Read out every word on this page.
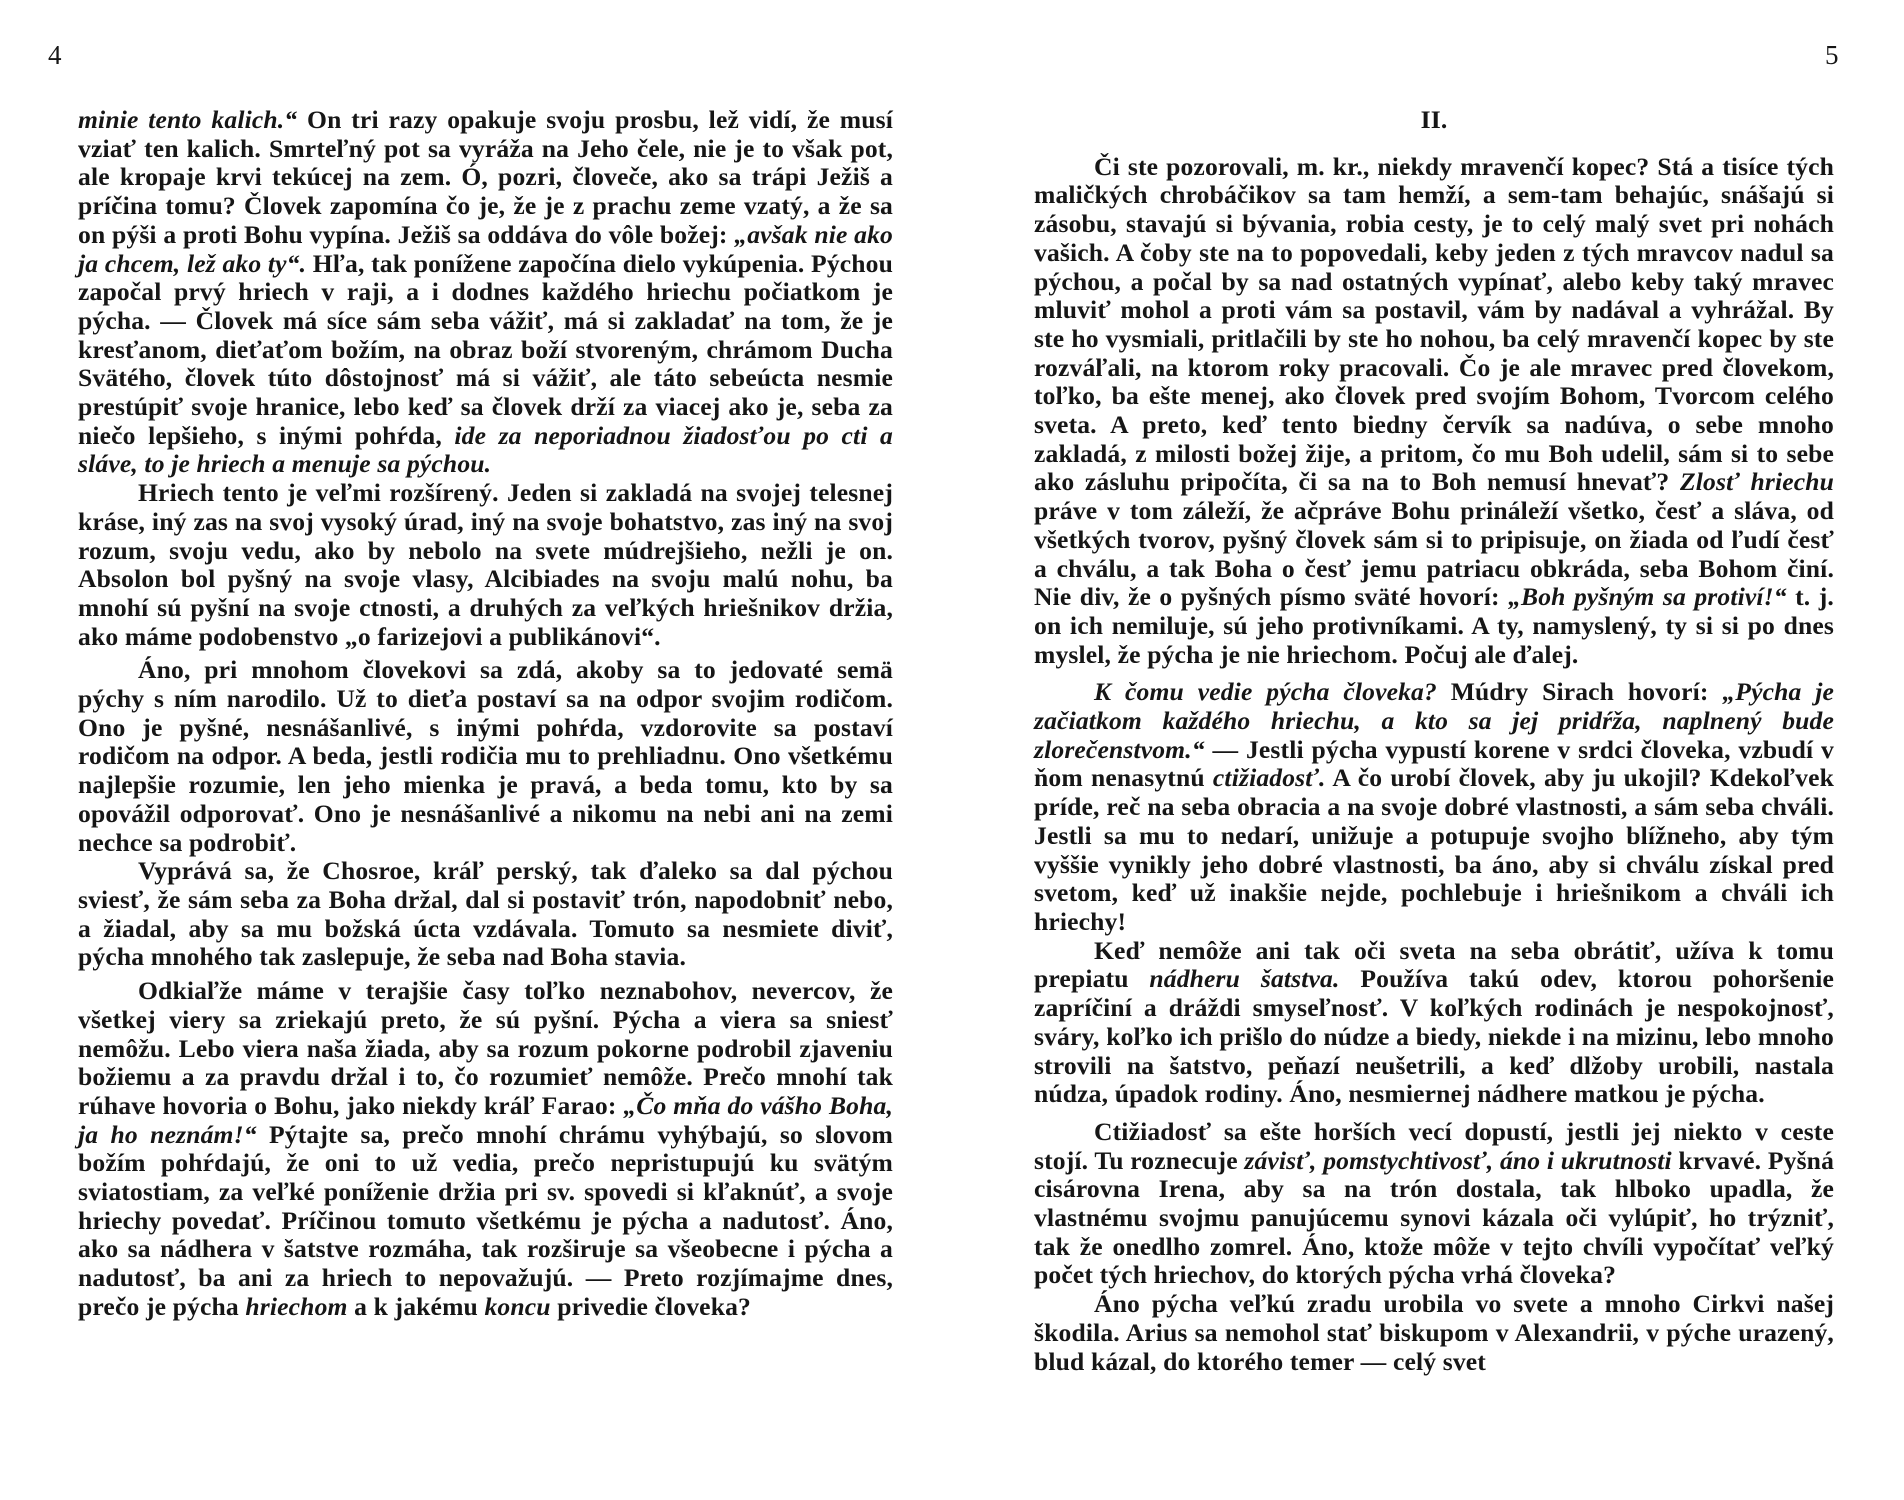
4

minie tento kalich.“ On tri razy opakuje svoju prosbu, lež vidí, že musí vziať ten kalich. Smrteľný pot sa vyráža na Jeho čele, nie je to však pot, ale kropaje krvi tekúcej na zem. Ó, pozri, človeče, ako sa trápi Ježiš a príčina tomu? Človek zapomína čo je, že je z prachu zeme vzatý, a že sa on pýši a proti Bohu vypína. Ježiš sa oddáva do vôle božej: „avšak nie ako ja chcem, lež ako ty“. Hľa, tak ponížene započína dielo vykúpenia. Pýchou započal prvý hriech v raji, a i dodnes každého hriechu počiatkom je pýcha. — Človek má síce sám seba vážiť, má si zakladať na tom, že je kresťanom, dieťaťom božím, na obraz boží stvoreným, chrámom Ducha Svätého, človek túto dôstojnosť má si vážiť, ale táto sebeúcta nesmie prestúpiť svoje hranice, lebo keď sa človek drží za viacej ako je, seba za niečo lepšieho, s inými pohŕda, ide za neporiadnou žiadosťou po cti a sláve, to je hriech a menuje sa pýchou.

Hriech tento je veľmi rozšírený. Jeden si zakladá na svojej telesnej kráse, iný zas na svoj vysoký úrad, iný na svoje bohatstvo, zas iný na svoj rozum, svoju vedu, ako by nebolo na svete múdrejšieho, nežli je on. Absolon bol pyšný na svoje vlasy, Alcibiades na svoju malú nohu, ba mnohí sú pyšní na svoje ctnosti, a druhých za veľkých hriešnikov držia, ako máme podobenstvo „o farizejovi a publikánovi“.

Áno, pri mnohom človekovi sa zdá, akoby sa to jedovaté semä pýchy s ním narodilo. Už to dieťa postaví sa na odpor svojim rodičom. Ono je pyšné, nesnášanlivé, s inými pohŕda, vzdorovite sa postaví rodičom na odpor. A beda, jestli rodičia mu to prehliadnu. Ono všetkému najlepšie rozumie, len jeho mienka je pravá, a beda tomu, kto by sa opovážil odporovať. Ono je nesnášanlivé a nikomu na nebi ani na zemi nechce sa podrobiť.

Vyprává sa, že Chosroe, kráľ perský, tak ďaleko sa dal pýchou sviesť, že sám seba za Boha držal, dal si postaviť trón, napodobniť nebo, a žiadal, aby sa mu božská úcta vzdávala. Tomuto sa nesmiete diviť, pýcha mnohého tak zaslepuje, že seba nad Boha stavia.

Odkiaľže máme v terajšie časy toľko neznabohov, nevercov, že všetkej viery sa zriekajú preto, že sú pyšní. Pýcha a viera sa sniesť nemôžu. Lebo viera naša žiada, aby sa rozum pokorne podrobil zjaveniu božiemu a za pravdu držal i to, čo rozumieť nemôže. Prečo mnohí tak rúhave hovoria o Bohu, jako niekdy kráľ Farao: „Čo mňa do vášho Boha, ja ho neznám!“ Pýtajte sa, prečo mnohí chrámu vyhýbajú, so slovom božím pohŕdajú, že oni to už vedia, prečo nepristupujú ku svätým sviatostiam, za veľké poníženie držia pri sv. spovedi si kľaknúť, a svoje hriechy povedať. Príčinou tomuto všetkému je pýcha a nadutosť. Áno, ako sa nádhera v šatstve rozmáha, tak rozširuje sa všeobecne i pýcha a nadutosť, ba ani za hriech to nepovažujú. — Preto rozjímajme dnes, prečo je pýcha hriechom a k jakému koncu privedie človeka?

5
II.

Či ste pozorovali, m. kr., niekdy mravenčí kopec? Stá a tisíce tých maličkých chrobáčikov sa tam hemží, a sem-tam behajúc, snášajú si zásobu, stavajú si bývania, robia cesty, je to celý malý svet pri nohách vašich. A čoby ste na to popovedali, keby jeden z tých mravcov nadul sa pýchou, a počal by sa nad ostatných vypínať, alebo keby taký mravec mluviť mohol a proti vám sa postavil, vám by nadával a vyhrážal. By ste ho vysmiali, pritlačili by ste ho nohou, ba celý mravenčí kopec by ste rozváľali, na ktorom roky pracovali. Čo je ale mravec pred človekom, toľko, ba ešte menej, ako človek pred svojím Bohom, Tvorcom celého sveta. A preto, keď tento biedny červík sa nadúva, o sebe mnoho zakladá, z milosti božej žije, a pritom, čo mu Boh udelil, sám si to sebe ako zásluhu pripočíta, či sa na to Boh nemusí hnevať? Zlosť hriechu práve v tom záleží, že ačpráve Bohu prináleží všetko, česť a sláva, od všetkých tvorov, pyšný človek sám si to pripisuje, on žiada od ľudí česť a chválu, a tak Boha o česť jemu patriacu obkráda, seba Bohom činí. Nie div, že o pyšných písmo sväté hovorí: „Boh pyšným sa protiví!“ t. j. on ich nemiluje, sú jeho protivníkami. A ty, namyslený, ty si si po dnes myslel, že pýcha je nie hriechom. Počuj ale ďalej.

K čomu vedie pýcha človeka? Múdry Sirach hovorí: „Pýcha je začiatkom každého hriechu, a kto sa jej pridŕža, naplnený bude zlorečenstvom.“ — Jestli pýcha vypustí korene v srdci človeka, vzbudí v ňom nenasytnú ctižiadosť. A čo urobí človek, aby ju ukojil? Kdekoľvek príde, reč na seba obracia a na svoje dobré vlastnosti, a sám seba chváli. Jestli sa mu to nedarí, unižuje a potupuje svojho blížneho, aby tým vyššie vynikly jeho dobré vlastnosti, ba áno, aby si chválu získal pred svetom, keď už inakšie nejde, pochlebuje i hriešnikom a chváli ich hriechy!

Keď nemôže ani tak oči sveta na seba obrátiť, užíva k tomu prepiatu nádheru šatstva. Používa takú odev, ktorou pohoršenie zapríčiní a dráždi smyseľnosť. V koľkých rodinách je nespokojnosť, sváry, koľko ich prišlo do núdze a biedy, niekde i na mizinu, lebo mnoho strovili na šatstvo, peňazí neušetrili, a keď dlžoby urobili, nastala núdza, úpadok rodiny. Áno, nesmiernej nádhere matkou je pýcha.

Ctižiadosť sa ešte horších vecí dopustí, jestli jej niekto v ceste stojí. Tu roznecuje závisť, pomstychtivosť, áno i ukrutnosti krvavé. Pyšná cisárovna Irena, aby sa na trón dostala, tak hlboko upadla, že vlastnému svojmu panujúcemu synovi kázala oči vylúpiť, ho trýzniť, tak že onedlho zomrel. Áno, ktože môže v tejto chvíli vypočítať veľký počet tých hriechov, do ktorých pýcha vrhá človeka?

Áno pýcha veľkú zradu urobila vo svete a mnoho Cirkvi našej škodila. Arius sa nemohol stať biskupom v Alexandrii, v pýche urazený, blud kázal, do ktorého temer — celý svet
